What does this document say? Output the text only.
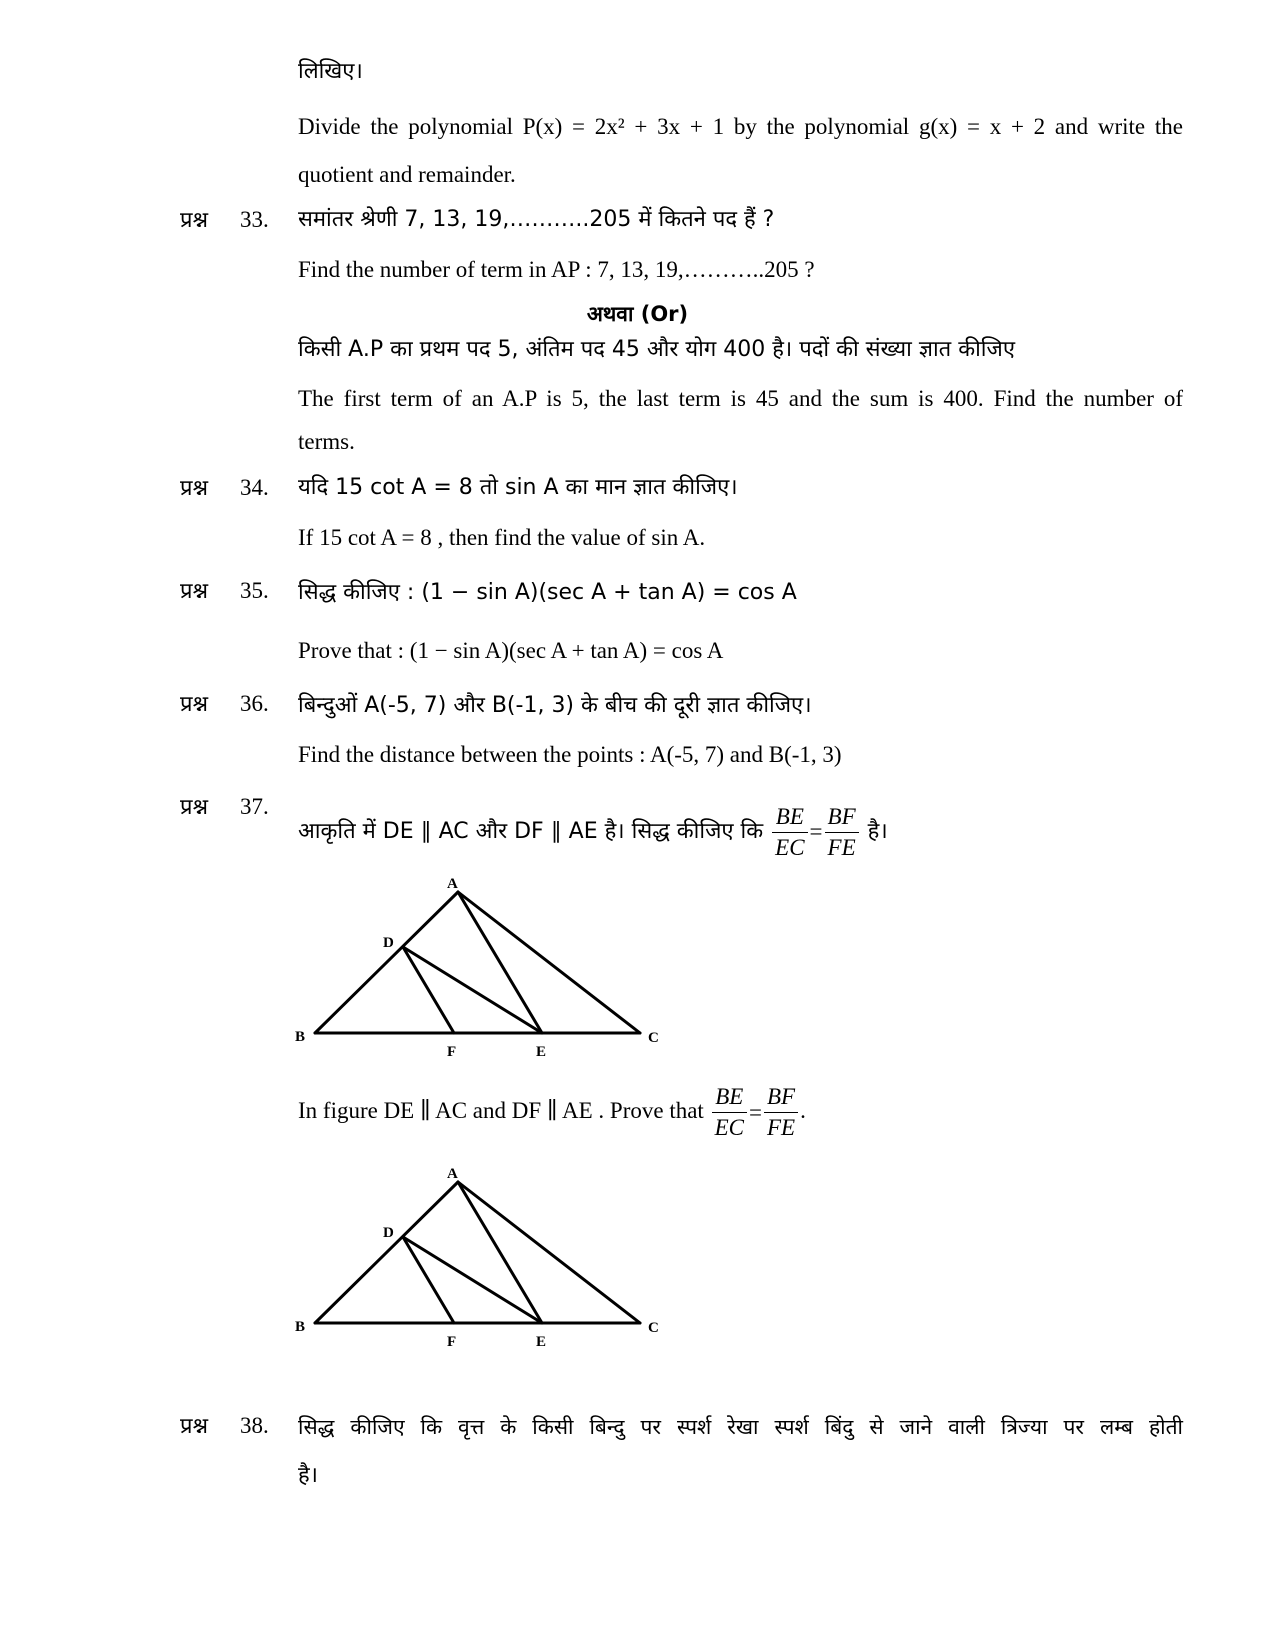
लिखिए।
Divide the polynomial P(x) = 2x² + 3x + 1 by the polynomial g(x) = x + 2 and write the
quotient and remainder.
प्रश्न 33. समांतर श्रेणी 7, 13, 19,………..205 में कितने पद हैं ?
Find the number of term in AP : 7, 13, 19,………..205 ?
अथवा (Or)
किसी A.P का प्रथम पद 5, अंतिम पद 45 और योग 400 है। पदों की संख्या ज्ञात कीजिए
The first term of an A.P is 5, the last term is 45 and the sum is 400. Find the number of
terms.
प्रश्न 34. यदि 15 cot A = 8 तो sin A का मान ज्ञात कीजिए।
If 15 cot A = 8 , then find the value of sin A.
प्रश्न 35. सिद्ध कीजिए : (1 − sin A)(sec A + tan A) = cos A
Prove that : (1 − sin A)(sec A + tan A) = cos A
प्रश्न 36. बिन्दुओं A(-5, 7) और B(-1, 3) के बीच की दूरी ज्ञात कीजिए।
Find the distance between the points : A(-5, 7) and B(-1, 3)
प्रश्न 37.
आकृति में DE ∥ AC और DF ∥ AE है। सिद्ध कीजिए कि $\frac{BE}{EC} = \frac{BF}{FE}$ है।
A
B	C
D
E
F
In figure DE ∥ AC and DF ∥ AE . Prove that $\frac{BE}{EC} = \frac{BF}{FE}$ .
A
B	C
D
E
F
प्रश्न 38. सिद्ध कीजिए कि वृत्त के किसी बिन्दु पर स्पर्श रेखा स्पर्श बिंदु से जाने वाली त्रिज्या पर लम्ब होती
है।
